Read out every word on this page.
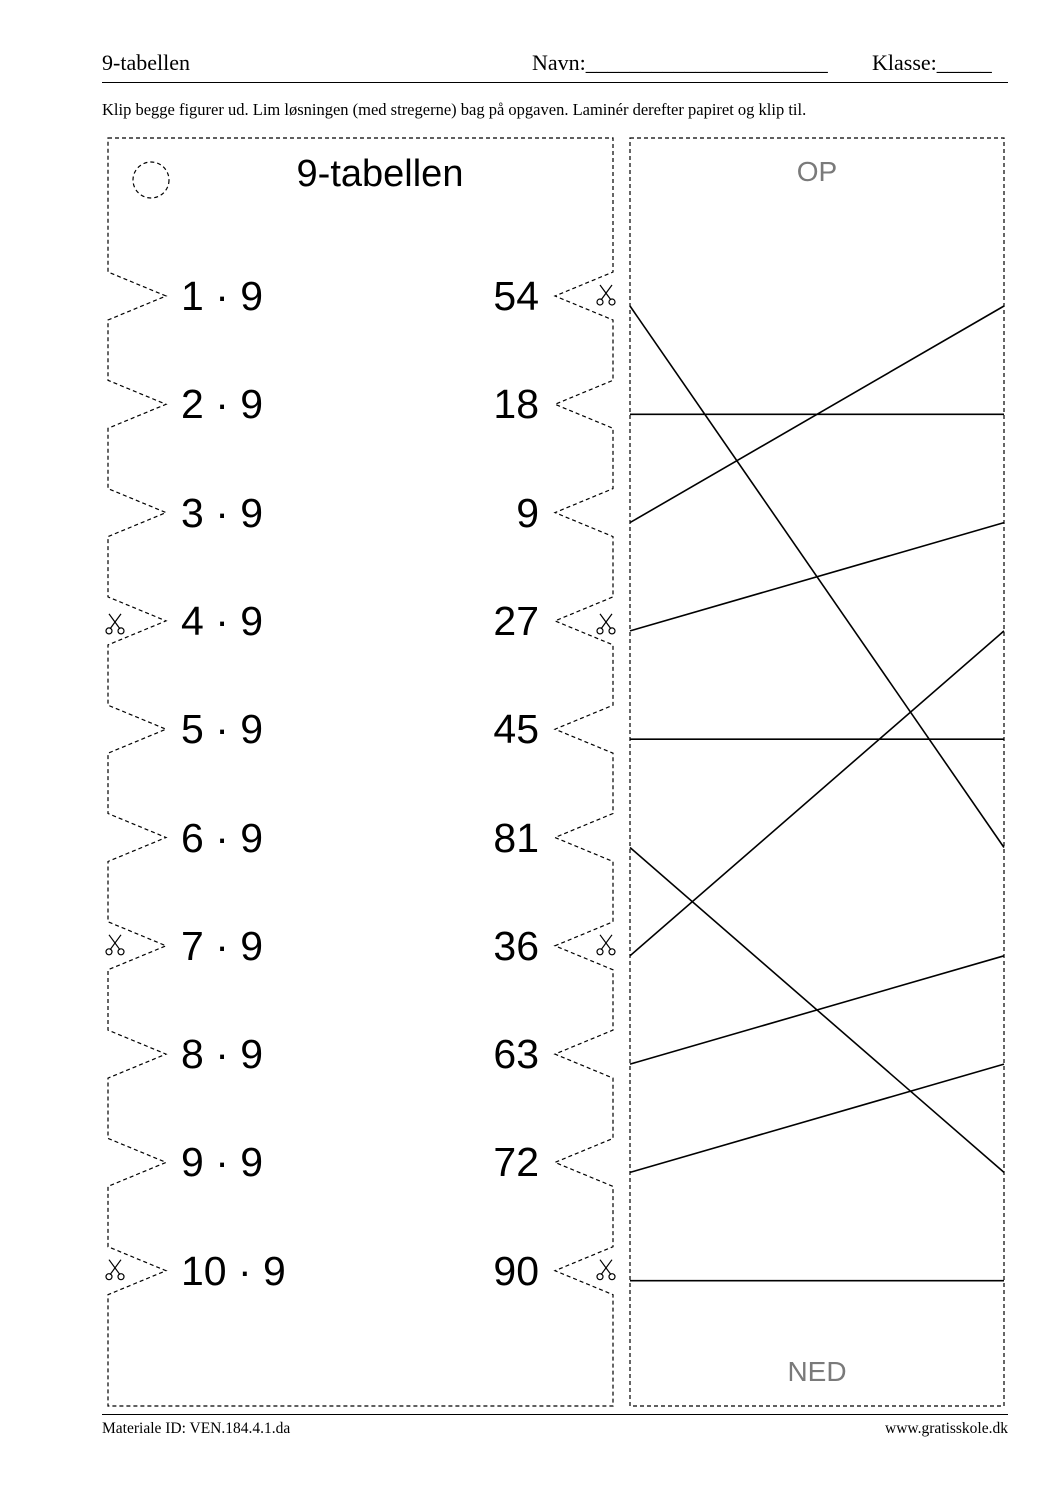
9-tabellen	Navn:______________________ Klasse:_____
Klip begge figurer ud. Lim løsningen (med stregerne) bag på opgaven. Laminér derefter papiret og klip til.
9-tabellen	OP
NED
1 · 9	54
2 · 9	18
3 · 9	9
4 · 9	27
5 · 9	45
6 · 9	81
7 · 9	36
8 · 9	63
9 · 9	72
10 · 9	90
Materiale ID: VEN.184.4.1.da	www.gratisskole.dk
